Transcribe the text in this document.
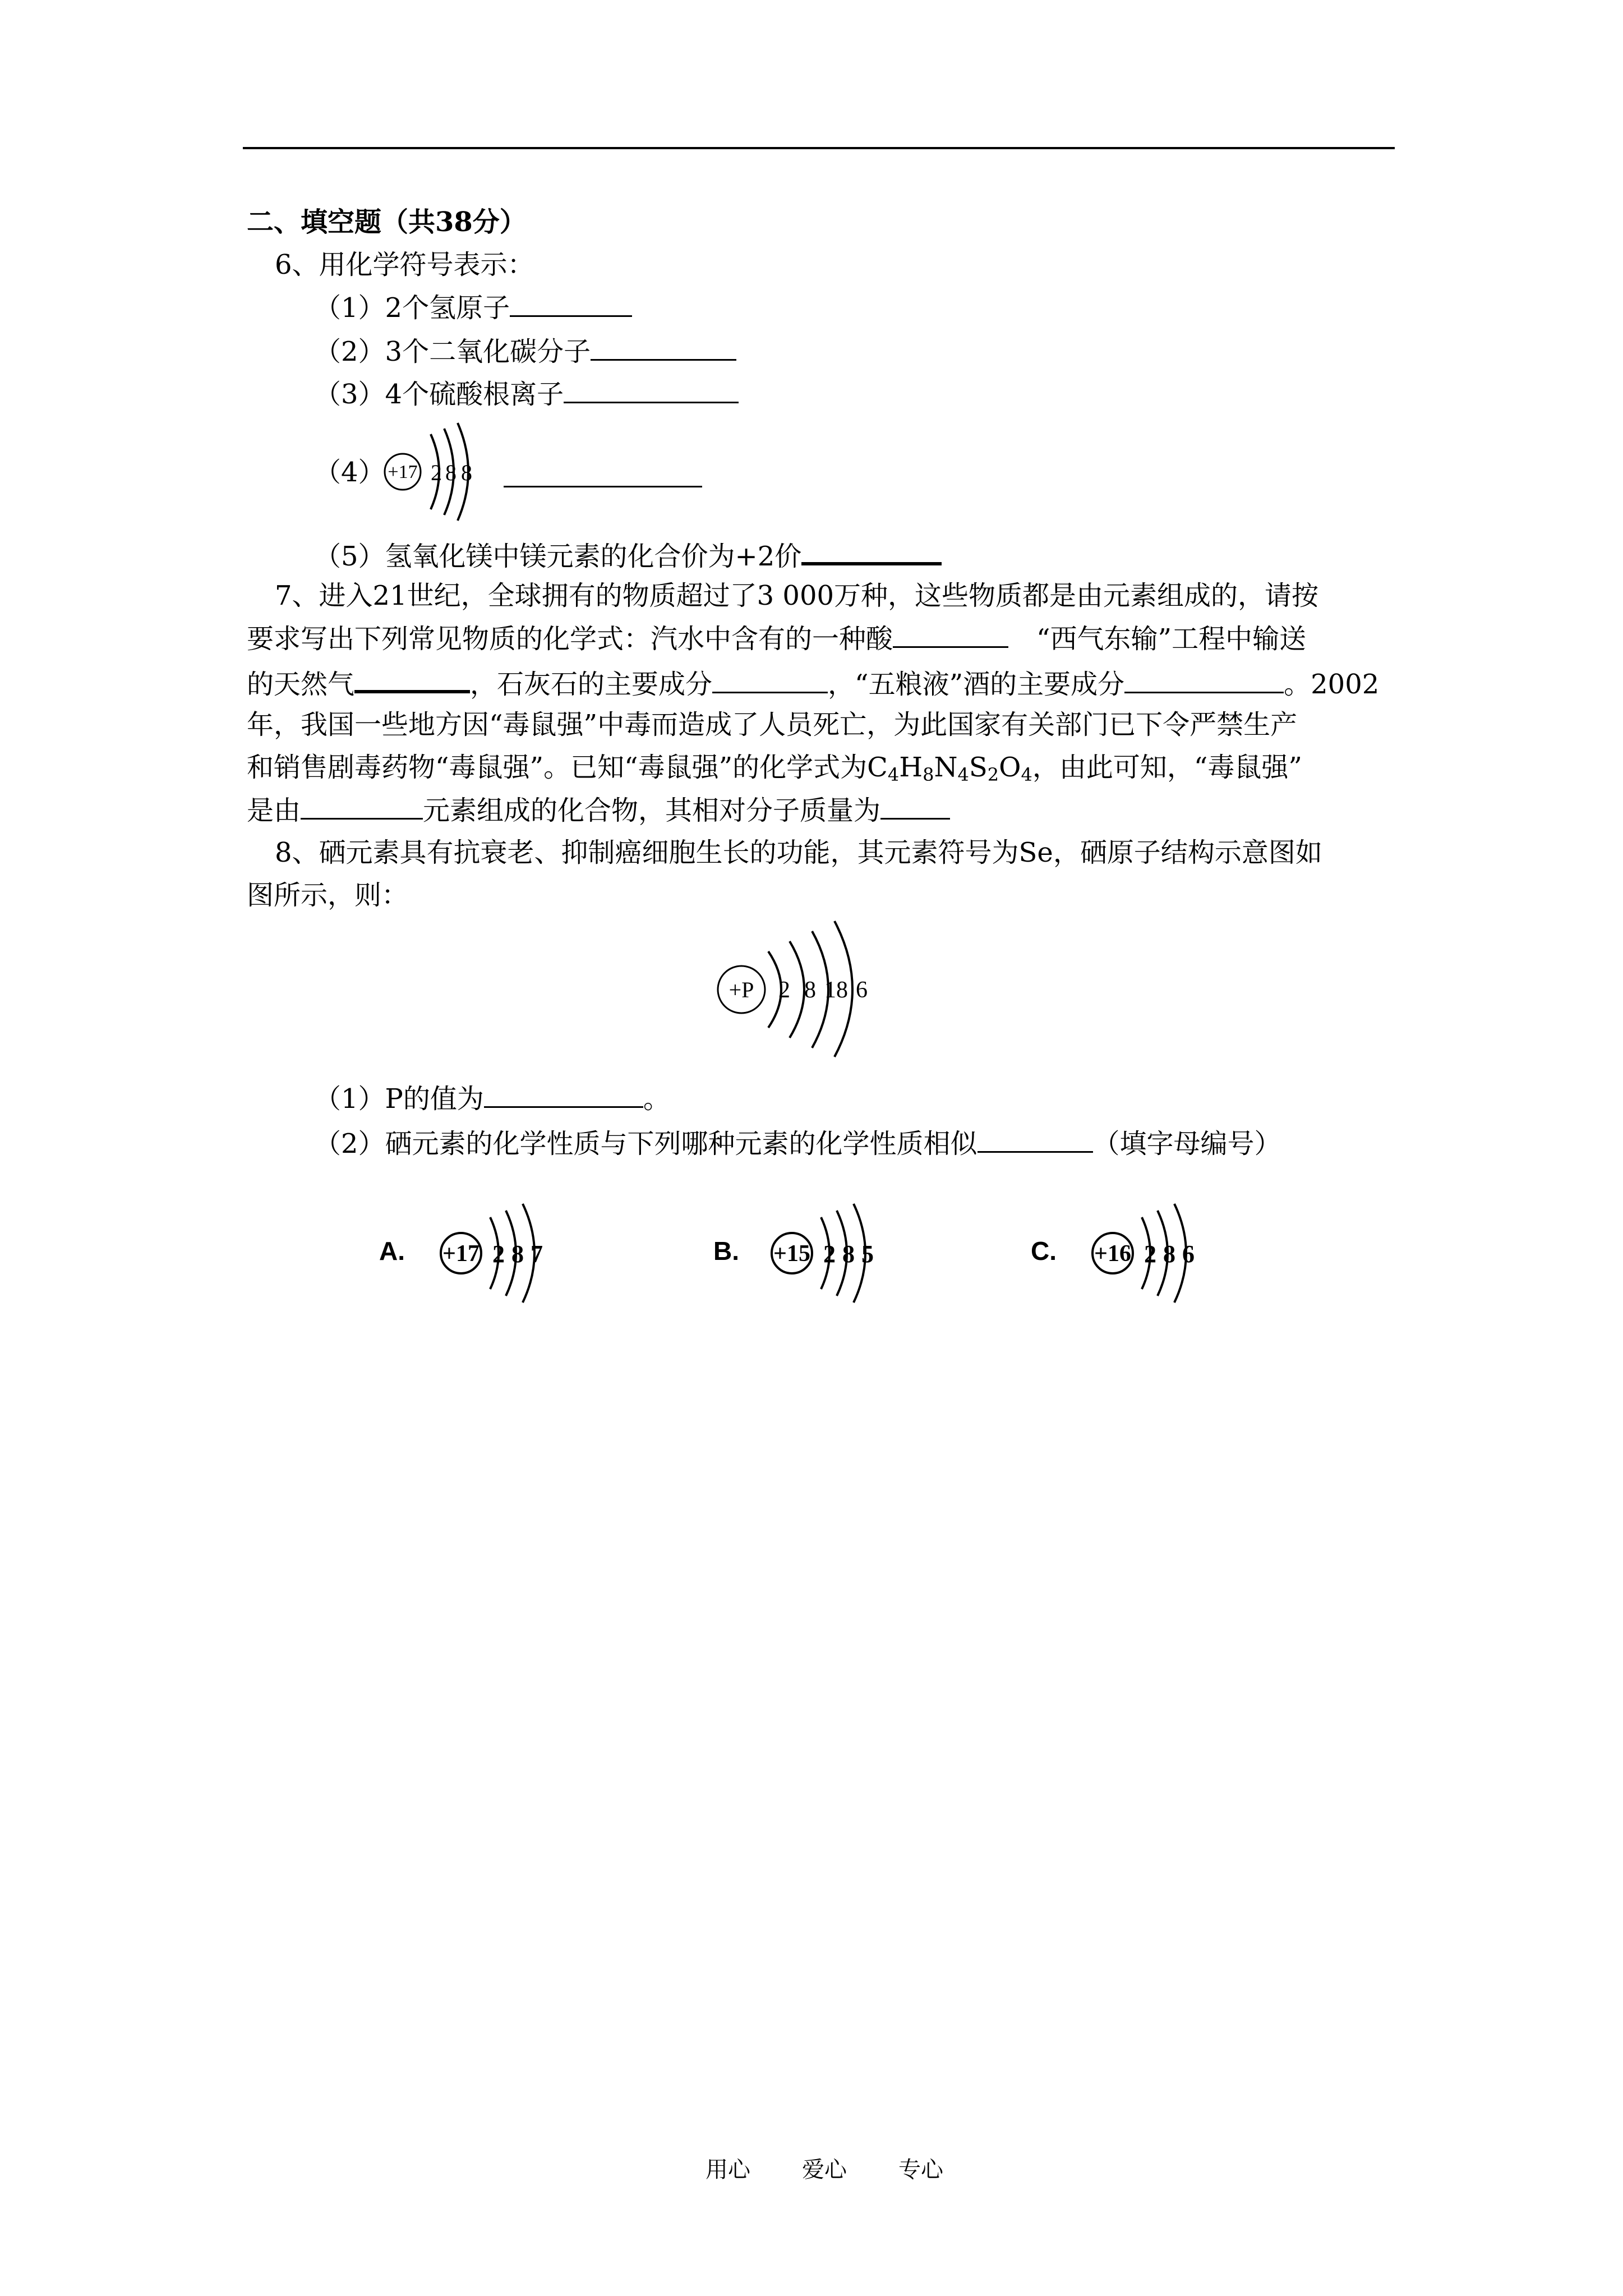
二、填空题（共38分）
6、用化学符号表示：
（1）2个氢原子
（2）3个二氧化碳分子
（3）4个硫酸根离子
（4） +17 2 8 8
（5）氢氧化镁中镁元素的化合价为+2价
7、进入21世纪，全球拥有的物质超过了3 000万种，这些物质都是由元素组成的，请按
要求写出下列常见物质的化学式：汽水中含有的一种酸	“西气东输”工程中输送
的天然气	，石灰石的主要成分	，“五粮液”酒的主要成分	。2002
年，我国一些地方因“毒鼠强”中毒而造成了人员死亡，为此国家有关部门已下令严禁生产
和销售剧毒药物“毒鼠强”。已知“毒鼠强”的化学式为$C_4H_8N_4S_2O_4$，由此可知，“毒鼠强”
是由	元素组成的化合物，其相对分子质量为
8、硒元素具有抗衰老、抑制癌细胞生长的功能，其元素符号为Se，硒原子结构示意图如
图所示，则：
+P 2 8 18 6
（1）P的值为	。
（2）硒元素的化学性质与下列哪种元素的化学性质相似	（填字母编号）
A. +17 2 8 7	B. +15 2 8 5	C. +16 2 8 6
用心 爱心 专心
